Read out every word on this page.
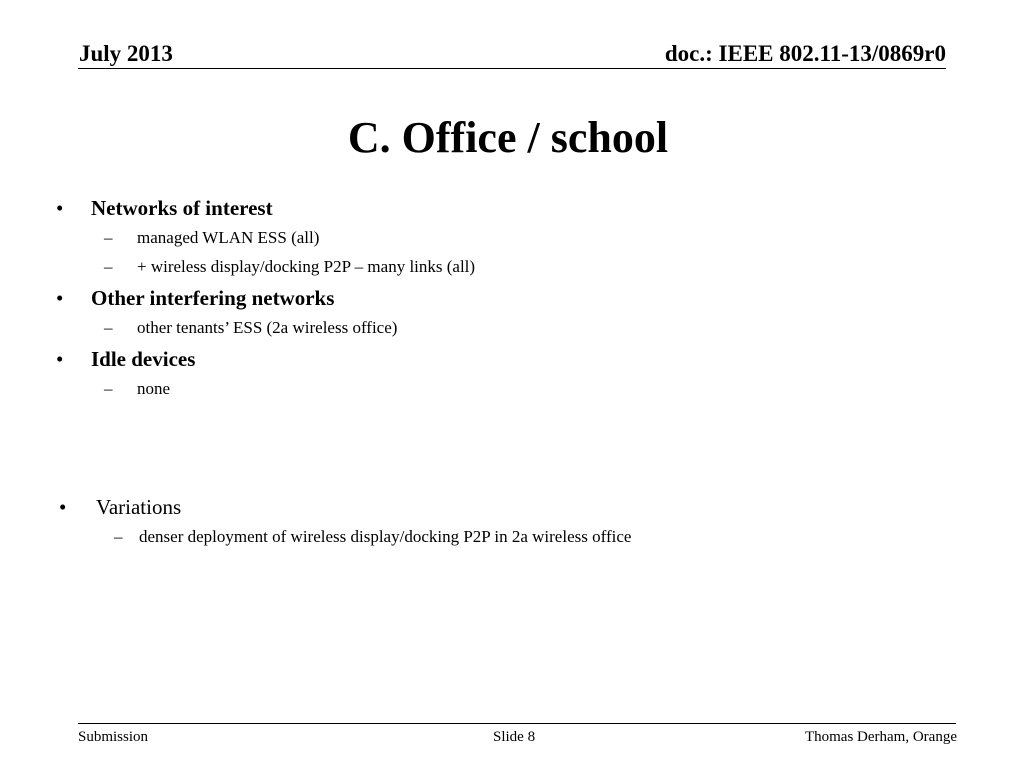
July 2013	doc.: IEEE 802.11-13/0869r0
C. Office / school
• Networks of interest
– managed WLAN ESS (all)
– + wireless display/docking P2P – many links (all)
• Other interfering networks
– other tenants’ ESS (2a wireless office)
• Idle devices
– none
• Variations
– denser deployment of wireless display/docking P2P in 2a wireless office
Submission	Slide 8	Thomas Derham, Orange
